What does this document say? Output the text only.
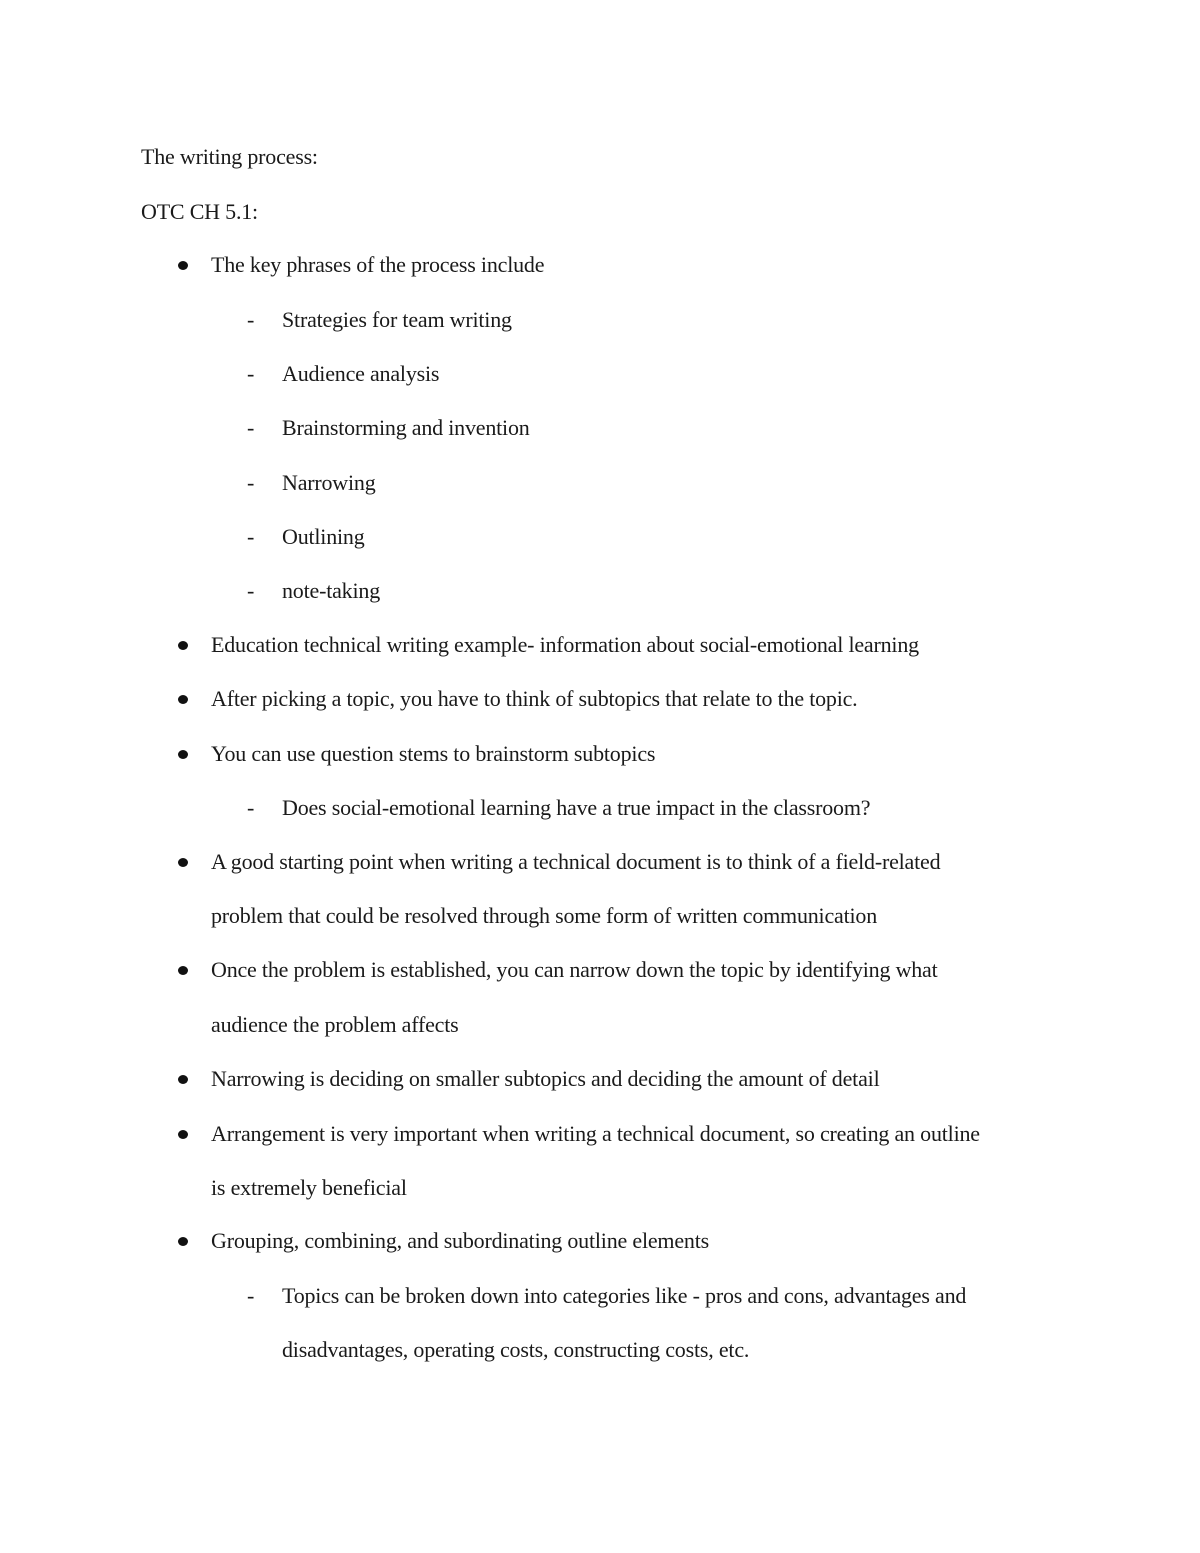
The writing process:
OTC CH 5.1:
The key phrases of the process include
- Strategies for team writing
- Audience analysis
- Brainstorming and invention
- Narrowing
- Outlining
- note-taking
Education technical writing example- information about social-emotional learning
After picking a topic, you have to think of subtopics that relate to the topic.
You can use question stems to brainstorm subtopics
- Does social-emotional learning have a true impact in the classroom?
A good starting point when writing a technical document is to think of a field-related
problem that could be resolved through some form of written communication
Once the problem is established, you can narrow down the topic by identifying what
audience the problem affects
Narrowing is deciding on smaller subtopics and deciding the amount of detail
Arrangement is very important when writing a technical document, so creating an outline
is extremely beneficial
Grouping, combining, and subordinating outline elements
- Topics can be broken down into categories like - pros and cons, advantages and
disadvantages, operating costs, constructing costs, etc.
